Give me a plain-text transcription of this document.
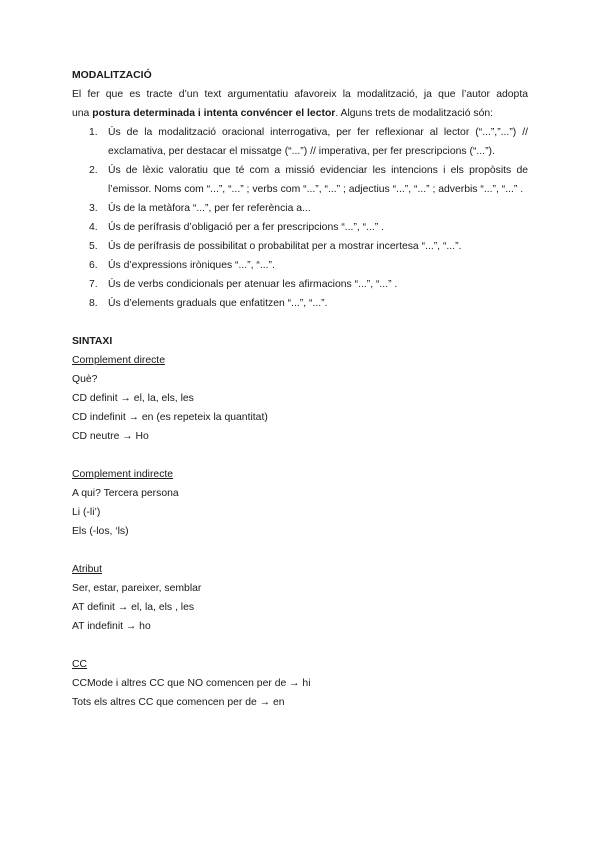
MODALITZACIÓ
El fer que es tracte d’un text argumentatiu afavoreix la modalització, ja que l’autor adopta
una postura determinada i intenta convéncer el lector. Alguns trets de modalització són:
1. Ús de la modalització oracional interrogativa, per fer reflexionar al lector (“...”,”...”) // exclamativa, per destacar el missatge (“...”) // imperativa, per fer prescripcions (“...”).
2. Ús de lèxic valoratiu que té com a missió evidenciar les intencions i els propòsits de l’emissor. Noms com “...”, “...” ; verbs com “...”, “...” ; adjectius “...”, “...” ; adverbis “...”, “...” .
3. Ús de la metàfora “...”, per fer referència a...
4. Ús de perífrasis d’obligació per a fer prescripcions “...”, “...” .
5. Ús de perífrasis de possibilitat o probabilitat per a mostrar incertesa “...”, “...”.
6. Ús d’expressions iròniques “...”, “...”.
7. Ús de verbs condicionals per atenuar les afirmacions “...”, “...” .
8. Ús d’elements graduals que enfatitzen “...”, “...”.
SINTAXI
Complement directe
Què?
CD definit → el, la, els, les
CD indefinit → en (es repeteix la quantitat)
CD neutre → Ho
Complement indirecte
A qui? Tercera persona
Li (-li’)
Els (-los, ‘ls)
Atribut
Ser, estar, pareixer, semblar
AT definit → el, la, els , les
AT indefinit → ho
CC
CCMode i altres CC que NO comencen per de → hi
Tots els altres CC que comencen per de → en
